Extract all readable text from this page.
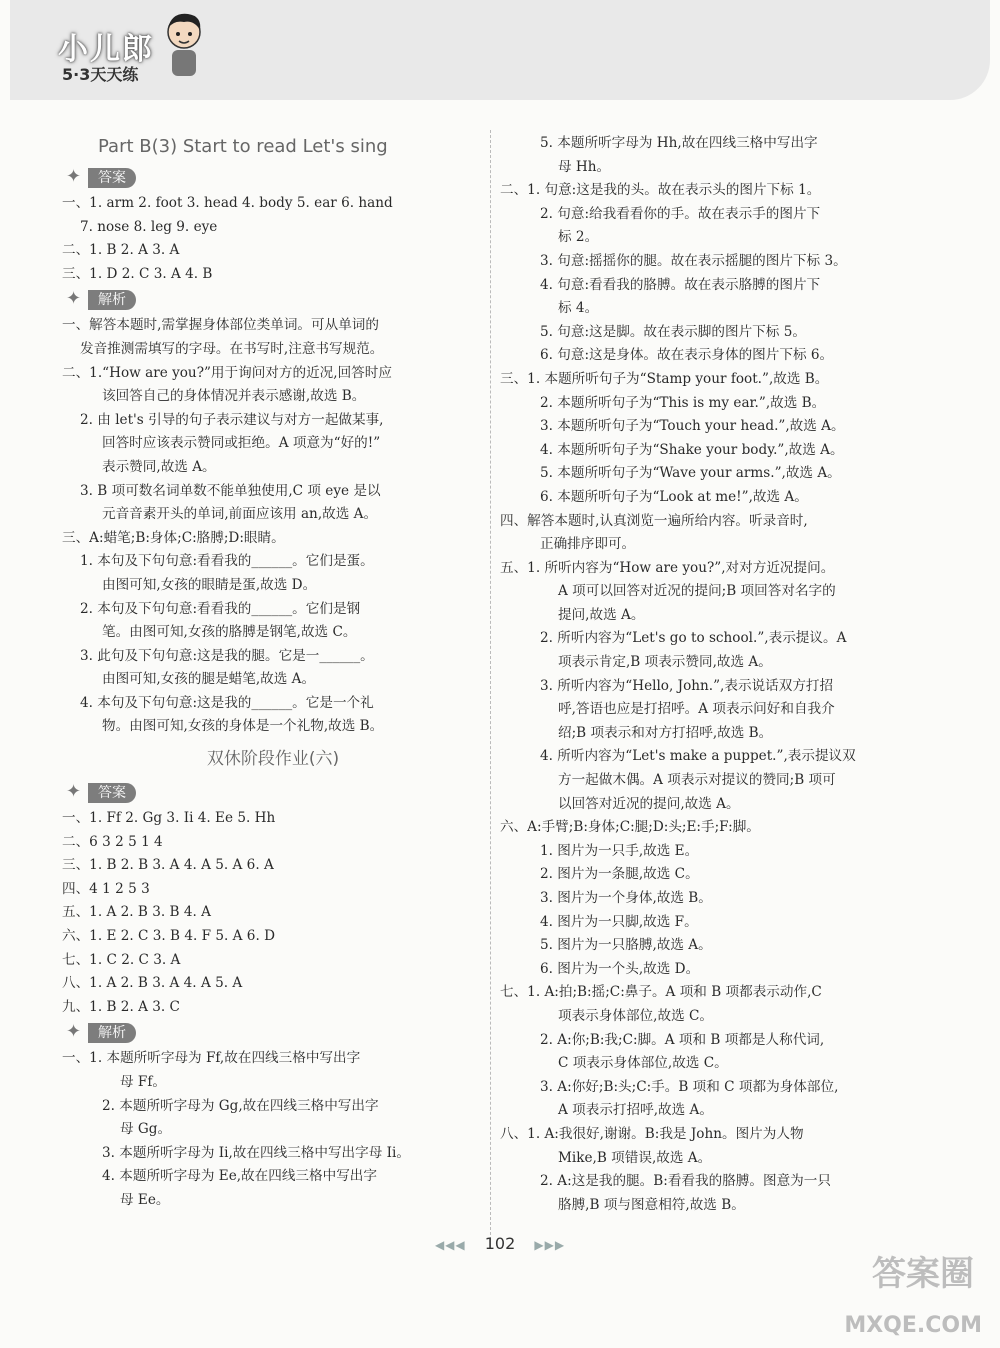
小儿郎
5·3天天练
Part B(3) Start to read Let's sing
✦	答案
一、1. arm 2. foot 3. head 4. body 5. ear 6. hand
7. nose 8. leg 9. eye
二、1. B 2. A 3. A
三、1. D 2. C 3. A 4. B
✦	解析
一、解答本题时,需掌握身体部位类单词。可从单词的
发音推测需填写的字母。在书写时,注意书写规范。
二、1.“How are you?”用于询问对方的近况,回答时应
该回答自己的身体情况并表示感谢,故选 B。
2. 由 let's 引导的句子表示建议与对方一起做某事,
回答时应该表示赞同或拒绝。A 项意为“好的!”
表示赞同,故选 A。
3. B 项可数名词单数不能单独使用,C 项 eye 是以
元音音素开头的单词,前面应该用 an,故选 A。
三、A:蜡笔;B:身体;C:胳膊;D:眼睛。
1. 本句及下句句意:看看我的______。它们是蛋。
由图可知,女孩的眼睛是蛋,故选 D。
2. 本句及下句句意:看看我的______。它们是钢
笔。由图可知,女孩的胳膊是钢笔,故选 C。
3. 此句及下句句意:这是我的腿。它是一______。
由图可知,女孩的腿是蜡笔,故选 A。
4. 本句及下句句意:这是我的______。它是一个礼
物。由图可知,女孩的身体是一个礼物,故选 B。
双休阶段作业(六)
✦	答案
一、1. Ff 2. Gg 3. Ii 4. Ee 5. Hh
二、6 3 2 5 1 4
三、1. B 2. B 3. A 4. A 5. A 6. A
四、4 1 2 5 3
五、1. A 2. B 3. B 4. A
六、1. E 2. C 3. B 4. F 5. A 6. D
七、1. C 2. C 3. A
八、1. A 2. B 3. A 4. A 5. A
九、1. B 2. A 3. C
✦	解析
一、1. 本题所听字母为 Ff,故在四线三格中写出字
母 Ff。
2. 本题所听字母为 Gg,故在四线三格中写出字
母 Gg。
3. 本题所听字母为 Ii,故在四线三格中写出字母 Ii。
4. 本题所听字母为 Ee,故在四线三格中写出字
母 Ee。
5. 本题所听字母为 Hh,故在四线三格中写出字
母 Hh。
二、1. 句意:这是我的头。故在表示头的图片下标 1。
2. 句意:给我看看你的手。故在表示手的图片下
标 2。
3. 句意:摇摇你的腿。故在表示摇腿的图片下标 3。
4. 句意:看看我的胳膊。故在表示胳膊的图片下
标 4。
5. 句意:这是脚。故在表示脚的图片下标 5。
6. 句意:这是身体。故在表示身体的图片下标 6。
三、1. 本题所听句子为“Stamp your foot.”,故选 B。
2. 本题所听句子为“This is my ear.”,故选 B。
3. 本题所听句子为“Touch your head.”,故选 A。
4. 本题所听句子为“Shake your body.”,故选 A。
5. 本题所听句子为“Wave your arms.”,故选 A。
6. 本题所听句子为“Look at me!”,故选 A。
四、解答本题时,认真浏览一遍所给内容。听录音时,
正确排序即可。
五、1. 所听内容为“How are you?”,对对方近况提问。
A 项可以回答对近况的提问;B 项回答对名字的
提问,故选 A。
2. 所听内容为“Let's go to school.”,表示提议。A
项表示肯定,B 项表示赞同,故选 A。
3. 所听内容为“Hello, John.”,表示说话双方打招
呼,答语也应是打招呼。A 项表示问好和自我介
绍;B 项表示和对方打招呼,故选 B。
4. 所听内容为“Let's make a puppet.”,表示提议双
方一起做木偶。A 项表示对提议的赞同;B 项可
以回答对近况的提问,故选 A。
六、A:手臂;B:身体;C:腿;D:头;E:手;F:脚。
1. 图片为一只手,故选 E。
2. 图片为一条腿,故选 C。
3. 图片为一个身体,故选 B。
4. 图片为一只脚,故选 F。
5. 图片为一只胳膊,故选 A。
6. 图片为一个头,故选 D。
七、1. A:拍;B:摇;C:鼻子。A 项和 B 项都表示动作,C
项表示身体部位,故选 C。
2. A:你;B:我;C:脚。A 项和 B 项都是人称代词,
C 项表示身体部位,故选 C。
3. A:你好;B:头;C:手。B 项和 C 项都为身体部位,
A 项表示打招呼,故选 A。
八、1. A:我很好,谢谢。B:我是 John。图片为人物
Mike,B 项错误,故选 A。
2. A:这是我的腿。B:看看我的胳膊。图意为一只
胳膊,B 项与图意相符,故选 B。
◀◀◀ 102 ▶▶▶
答案圈
MXQE.COM
